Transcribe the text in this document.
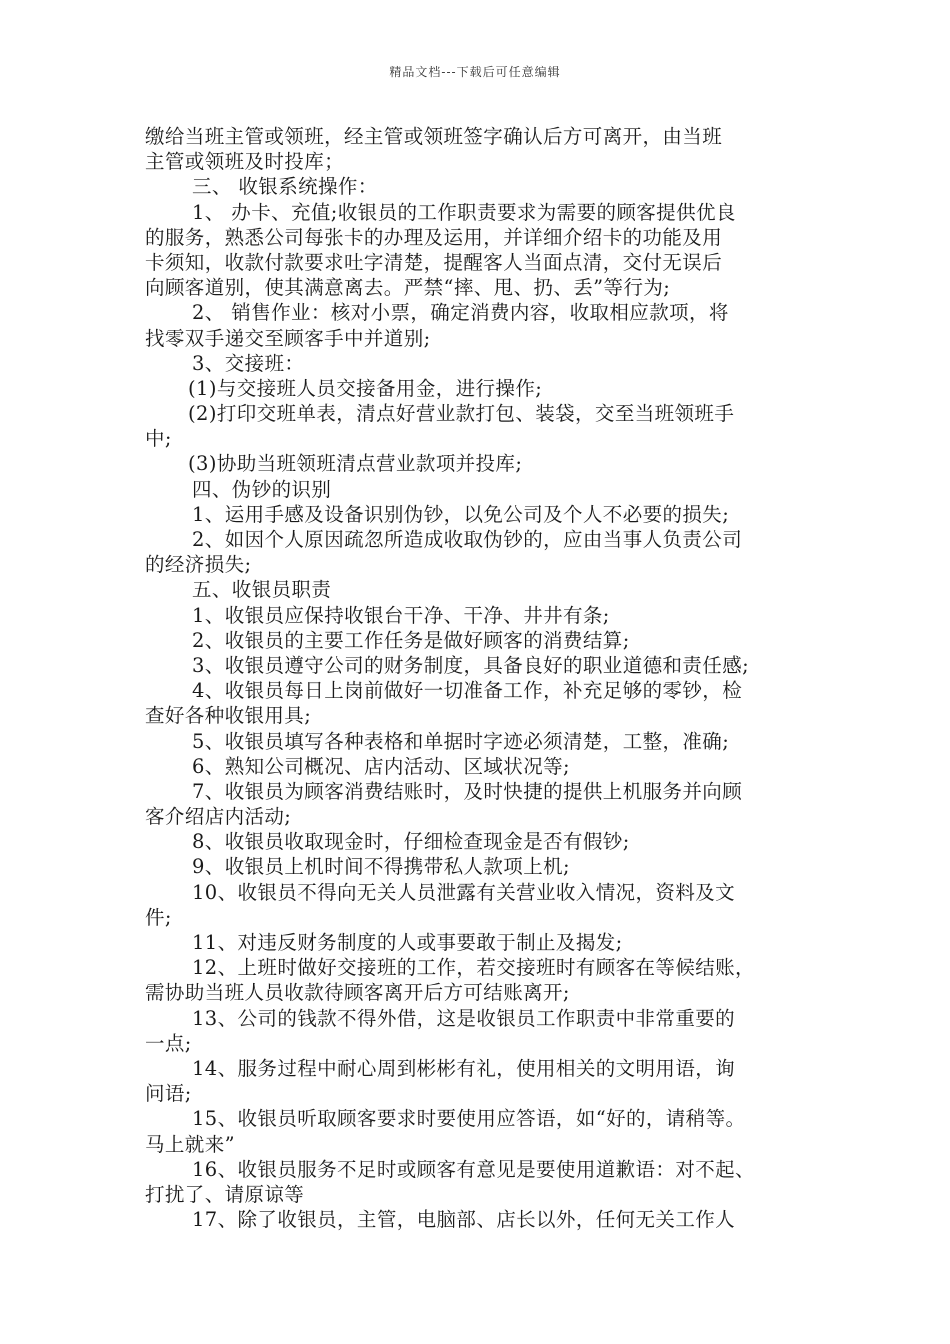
精品文档---下载后可任意编辑
缴给当班主管或领班，经主管或领班签字确认后方可离开，由当班
主管或领班及时投库；
三、 收银系统操作：
1、 办卡、充值;收银员的工作职责要求为需要的顾客提供优良
的服务，熟悉公司每张卡的办理及运用，并详细介绍卡的功能及用
卡须知，收款付款要求吐字清楚，提醒客人当面点清，交付无误后
向顾客道别，使其满意离去。严禁“摔、甩、扔、丢”等行为;
2、 销售作业：核对小票，确定消费内容，收取相应款项，将
找零双手递交至顾客手中并道别;
3、交接班：
(1)与交接班人员交接备用金，进行操作;
(2)打印交班单表，清点好营业款打包、装袋，交至当班领班手
中;
(3)协助当班领班清点营业款项并投库;
四、伪钞的识别
1、运用手感及设备识别伪钞，以免公司及个人不必要的损失;
2、如因个人原因疏忽所造成收取伪钞的，应由当事人负责公司
的经济损失;
五、收银员职责
1、收银员应保持收银台干净、干净、井井有条;
2、收银员的主要工作任务是做好顾客的消费结算;
3、收银员遵守公司的财务制度，具备良好的职业道德和责任感;
4、收银员每日上岗前做好一切准备工作，补充足够的零钞，检
查好各种收银用具;
5、收银员填写各种表格和单据时字迹必须清楚，工整，准确;
6、熟知公司概况、店内活动、区域状况等;
7、收银员为顾客消费结账时，及时快捷的提供上机服务并向顾
客介绍店内活动;
8、收银员收取现金时，仔细检查现金是否有假钞;
9、收银员上机时间不得携带私人款项上机;
10、收银员不得向无关人员泄露有关营业收入情况，资料及文
件;
11、对违反财务制度的人或事要敢于制止及揭发;
12、上班时做好交接班的工作，若交接班时有顾客在等候结账，
需协助当班人员收款待顾客离开后方可结账离开;
13、公司的钱款不得外借，这是收银员工作职责中非常重要的
一点;
14、服务过程中耐心周到彬彬有礼，使用相关的文明用语，询
问语;
15、收银员听取顾客要求时要使用应答语，如“好的，请稍等。
马上就来”
16、收银员服务不足时或顾客有意见是要使用道歉语：对不起、
打扰了、请原谅等
17、除了收银员，主管，电脑部、店长以外，任何无关工作人
